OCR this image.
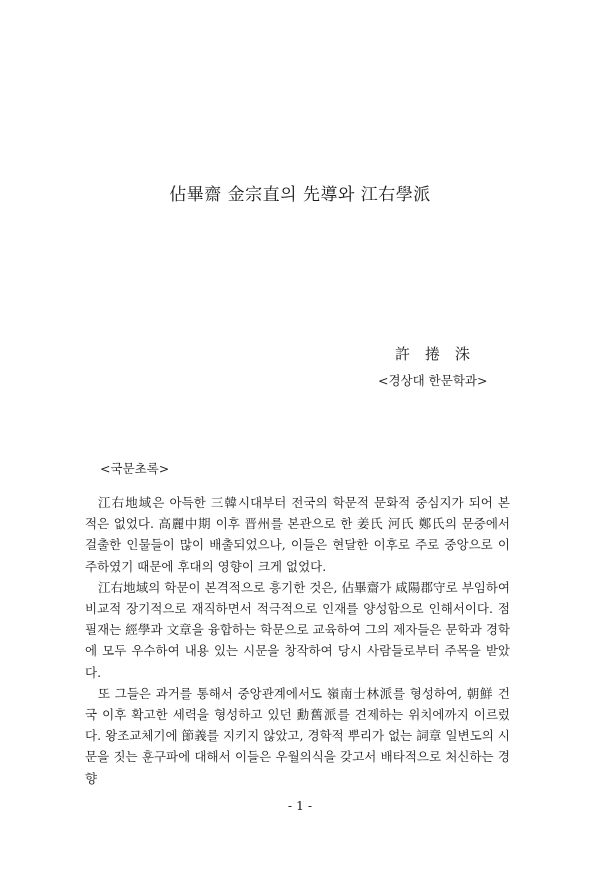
佔畢齋 金宗直의 先導와 江右學派
許　捲　洙
<경상대 한문학과>
<국문초록>

江右地域은 아득한 三韓시대부터 전국의 학문적 문화적 중심지가 되어 본 적은 없었다. 高麗中期 이후 晋州를 본관으로 한 姜氏 河氏 鄭氏의 문중에서 걸출한 인물들이 많이 배출되었으나, 이들은 현달한 이후로 주로 중앙으로 이주하였기 때문에 후대의 영향이 크게 없었다.

江右地域의 학문이 본격적으로 흥기한 것은, 佔畢齋가 咸陽郡守로 부임하여 비교적 장기적으로 재직하면서 적극적으로 인재를 양성함으로 인해서이다. 점필재는 經學과 文章을 융합하는 학문으로 교육하여 그의 제자들은 문학과 경학에 모두 우수하여 내용 있는 시문을 창작하여 당시 사람들로부터 주목을 받았다.

또 그들은 과거를 통해서 중앙관계에서도 嶺南士林派를 형성하여, 朝鮮 건국 이후 확고한 세력을 형성하고 있던 勳舊派를 견제하는 위치에까지 이르렀다. 왕조교체기에 節義를 지키지 않았고, 경학적 뿌리가 없는 詞章 일변도의 시문을 짓는 훈구파에 대해서 이들은 우월의식을 갖고서 배타적으로 처신하는 경향

- 1 -
